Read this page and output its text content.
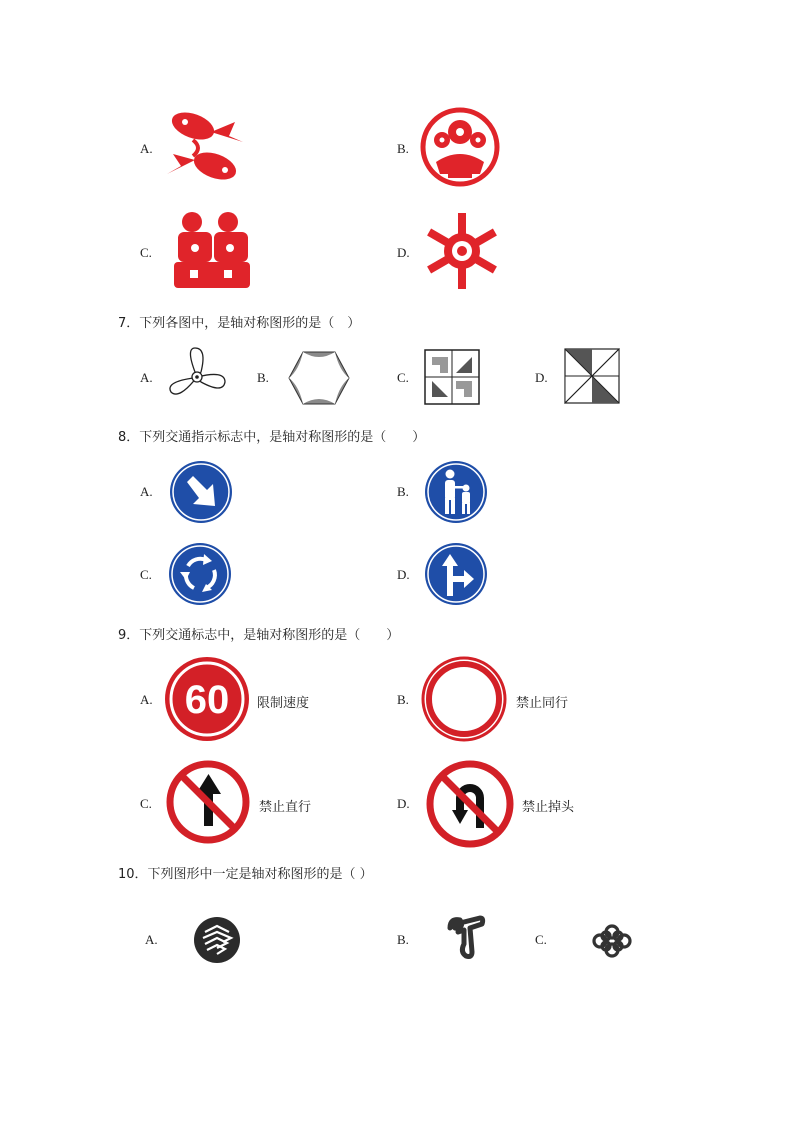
A.	B.
C.	D.
7．下列各图中，是轴对称图形的是（　）
A.	B.	C.	D.
8．下列交通指示标志中，是轴对称图形的是（　　）
A.	B.
C.	D.
9．下列交通标志中，是轴对称图形的是（　　）
A. 60 限制速度	B.	禁止同行
C.	禁止直行	D.	禁止掉头
10．下列图形中一定是轴对称图形的是（ ）
A.	B.	C.
